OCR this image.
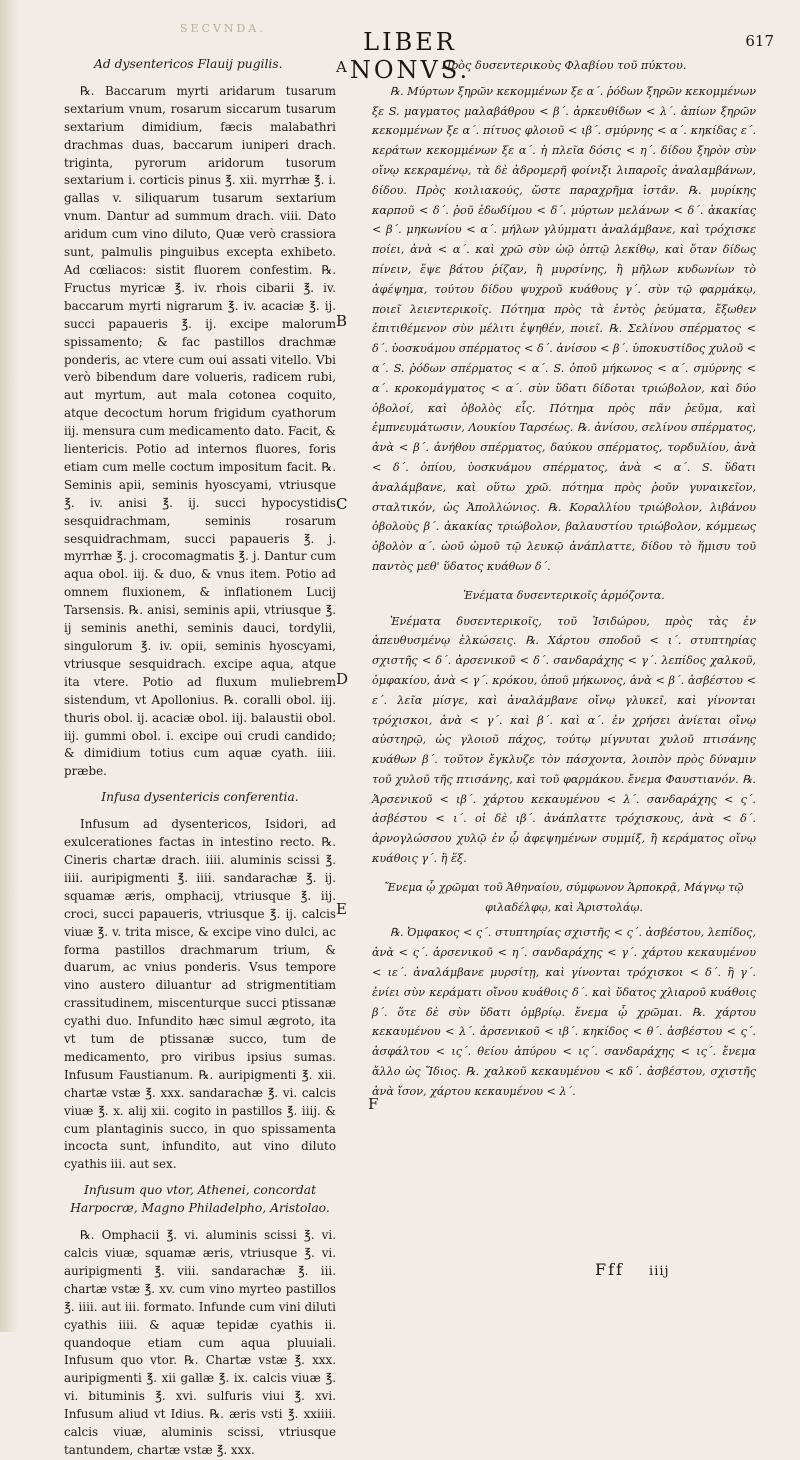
SECVNDA.	LIBER NONVS.
617
Ad dysentericos Flauij pugilis.

℞. Baccarum myrti aridarum tusarum sextarium vnum, rosarum siccarum tusarum sextarium dimidium, fæcis malabathri drachmas duas, baccarum iuniperi drach. triginta, pyrorum aridorum tusorum sextarium i. corticis pinus ℥. xii. myrrhæ ℥. i. gallas v. siliquarum tusarum sextarium vnum. Dantur ad summum drach. viii. Dato aridum cum vino diluto, Quæ verò crassiora sunt, palmulis pinguibus excepta exhibeto. Ad cœliacos: sistit fluorem confestim. ℞. Fructus myricæ ℥. iv. rhois cibarii ℥. iv. baccarum myrti nigrarum ℥. iv. acaciæ ℥. ij. succi papaueris ℥. ij. excipe malorum spissamento; & fac pastillos drachmæ ponderis, ac vtere cum oui assati vitello. Vbi verò bibendum dare volueris, radicem rubi, aut myrtum, aut mala cotonea coquito, atque decoctum horum frigidum cyathorum iij. mensura cum medicamento dato. Facit, & lientericis. Potio ad internos fluores, foris etiam cum melle coctum impositum facit. ℞. Seminis apii, seminis hyoscyami, vtriusque ℥. iv. anisi ℥. ij. succi hypocystidis sesquidrachmam, seminis rosarum sesquidrachmam, succi papaueris ℥. j. myrrhæ ℥. j. crocomagmatis ℥. j. Dantur cum aqua obol. iij. & duo, & vnus item. Potio ad omnem fluxionem, & inflationem Lucij Tarsensis. ℞. anisi, seminis apii, vtriusque ℥. ij seminis anethi, seminis dauci, tordylii, singulorum ℥. iv. opii, seminis hyoscyami, vtriusque sesquidrach. excipe aqua, atque ita vtere. Potio ad fluxum muliebrem sistendum, vt Apollonius. ℞. coralli obol. iij. thuris obol. ij. acaciæ obol. iij. balaustii obol. iij. gummi obol. i. excipe oui crudi candido; & dimidium totius cum aquæ cyath. iiii. præbe.

Infusa dysentericis conferentia.

Infusum ad dysentericos, Isidori, ad exulcerationes factas in intestino recto. ℞. Cineris chartæ drach. iiii. aluminis scissi ℥. iiii. auripigmenti ℥. iiii. sandarachæ ℥. ij. squamæ æris, omphacij, vtriusque ℥. iij. croci, succi papaueris, vtriusque ℥. ij. calcis viuæ ℥. v. trita misce, & excipe vino dulci, ac forma pastillos drachmarum trium, & duarum, ac vnius ponderis. Vsus tempore vino austero diluantur ad strigmentitiam crassitudinem, miscenturque succi ptissanæ cyathi duo. Infundito hæc simul ægroto, ita vt tum de ptissanæ succo, tum de medicamento, pro viribus ipsius sumas. Infusum Faustianum. ℞. auripigmenti ℥. xii. chartæ vstæ ℥. xxx. sandarachæ ℥. vi. calcis viuæ ℥. x. alij xii. cogito in pastillos ℥. iiij. & cum plantaginis succo, in quo spissamenta incocta sunt, infundito, aut vino diluto cyathis iii. aut sex.

Infusum quo vtor, Athenei, concordat Harpocræ, Magno Philadelpho, Aristolao.

℞. Omphacii ℥. vi. aluminis scissi ℥. vi. calcis viuæ, squamæ æris, vtriusque ℥. vi. auripigmenti ℥. viii. sandarachæ ℥. iii. chartæ vstæ ℥. xv. cum vino myrteo pastillos ℥. iiii. aut iii. formato. Infunde cum vini diluti cyathis iiii. & aquæ tepidæ cyathis ii. quandoque etiam cum aqua pluuiali. Infusum quo vtor. ℞. Chartæ vstæ ℥. xxx. auripigmenti ℥. xii gallæ ℥. ix. calcis viuæ ℥. vi. bituminis ℥. xvi. sulfuris viui ℥. xvi. Infusum aliud vt Idius. ℞. æris vsti ℥. xxiiii. calcis viuæ, aluminis scissi, vtriusque tantundem, chartæ vstæ ℥. xxx.

A
B
C
D
E
F
Πρὸς δυσεντερικοὺς Φλαβίου τοῦ πύκτου.

℞. Μύρτων ξηρῶν κεκομμένων ξε α΄. ῥόδων ξηρῶν κεκομμένων ξε S. μαγματος μαλαβάθρου < β΄. ἀρκευθίδων < λ΄. ἀπίων ξηρῶν κεκομμένων ξε α΄. πίτυος φλοιοῦ < ιβ΄. σμύρνης < α΄. κηκίδας ε΄. κεράτων κεκομμένων ξε α΄. ἡ πλεῖα δόσις < η΄. δίδου ξηρὸν σὺν οἴνῳ κεκραμένῳ, τὰ δὲ ἁδρομερῆ φοίνιξι λιπαροῖς ἀναλαμβάνων, δίδου. Πρὸς κοιλιακούς, ὥστε παραχρῆμα ἱστᾶν. ℞. μυρίκης καρποῦ < δ΄. ῥοῦ ἐδωδίμου < δ΄. μύρτων μελάνων < δ΄. ἀκακίας < β΄. μηκωνίου < α΄. μήλων γλύμματι ἀναλάμβανε, καὶ τρόχισκε ποίει, ἀνὰ < α΄. καὶ χρῶ σὺν ὠῷ ὀπτῷ λεκίθῳ, καὶ ὅταν δίδως πίνειν, ἕψε βάτου ῥίζαν, ἢ μυρσίνης, ἢ μῆλων κυδωνίων τὸ ἀφέψημα, τούτου δίδου ψυχροῦ κυάθους γ΄. σὺν τῷ φαρμάκῳ, ποιεῖ λειεντερικοῖς. Πότημα πρὸς τὰ ἐντὸς ῥεύματα, ἔξωθεν ἐπιτιθέμενον σὺν μέλιτι ἑψηθέν, ποιεῖ. ℞. Σελίνου σπέρματος < δ΄. ὑοσκυάμου σπέρματος < δ΄. ἀνίσου < β΄. ὑποκυστίδος χυλοῦ < α΄. S. ῥόδων σπέρματος < α΄. S. ὀποῦ μήκωνος < α΄. σμύρνης < α΄. κροκομάγματος < α΄. σὺν ὕδατι δίδοται τριώβολον, καὶ δύο ὀβολοί, καὶ ὀβολὸς εἷς. Πότημα πρὸς πᾶν ῥεῦμα, καὶ ἐμπνευμάτωσιν, Λουκίου Ταρσέως. ℞. ἀνίσου, σελίνου σπέρματος, ἀνὰ < β΄. ἀνήθου σπέρματος, δαύκου σπέρματος, τορδυλίου, ἀνὰ < δ΄. ὀπίου, ὑοσκυάμου σπέρματος, ἀνὰ < α΄. S. ὕδατι ἀναλάμβανε, καὶ οὕτω χρῶ. πότημα πρὸς ῥοῦν γυναικεῖον, σταλτικόν, ὡς Ἀπολλώνιος. ℞. Κοραλλίου τριώβολον, λιβάνου ὀβολοὺς β΄. ἀκακίας τριώβολον, βαλαυστίου τριώβολον, κόμμεως ὀβολὸν α΄. ὠοῦ ὠμοῦ τῷ λευκῷ ἀνάπλαττε, δίδου τὸ ἥμισυ τοῦ παντὸς μεθ' ὕδατος κυάθων δ΄.

Ἐνέματα δυσεντερικοῖς ἁρμόζοντα.

Ἐνέματα δυσεντερικοῖς, τοῦ Ἰσιδώρου, πρὸς τὰς ἐν ἀπευθυσμένῳ ἑλκώσεις. ℞. Χάρτου σποδοῦ < ι΄. στυπτηρίας σχιστῆς < δ΄. ἀρσενικοῦ < δ΄. σανδαράχης < γ΄. λεπίδος χαλκοῦ, ὀμφακίου, ἀνὰ < γ΄. κρόκου, ὀποῦ μήκωνος, ἀνὰ < β΄. ἀσβέστου < ε΄. λεῖα μίσγε, καὶ ἀναλάμβανε οἴνῳ γλυκεῖ, καὶ γίνονται τρόχισκοι, ἀνὰ < γ΄. καὶ β΄. καὶ α΄. ἐν χρήσει ἀνίεται οἴνῳ αὐστηρῷ, ὡς γλοιοῦ πάχος, τούτῳ μίγνυται χυλοῦ πτισάνης κυάθων β΄. τοῦτον ἔγκλυζε τὸν πάσχοντα, λοιπὸν πρὸς δύναμιν τοῦ χυλοῦ τῆς πτισάνης, καὶ τοῦ φαρμάκου. ἔνεμα Φαυστιανόν. ℞. Ἀρσενικοῦ < ιβ΄. χάρτου κεκαυμένου < λ΄. σανδαράχης < ς΄. ἀσβέστου < ι΄. οἱ δὲ ιβ΄. ἀνάπλαττε τρόχισκους, ἀνὰ < δ΄. ἀρνογλώσσου χυλῷ ἐν ᾧ ἀφεψημένων συμμίξ, ἢ κεράματος οἴνῳ κυάθοις γ΄. ἢ ἕξ.

Ἔνεμα ᾧ χρῶμαι τοῦ Ἀθηναίου, σύμφωνον Ἁρποκρᾷ, Μάγνῳ τῷ φιλαδέλφῳ, καὶ Ἀριστολάῳ.

℞. Ὀμφακος < ς΄. στυπτηρίας σχιστῆς < ς΄. ἀσβέστου, λεπίδος, ἀνὰ < ς΄. ἀρσενικοῦ < η΄. σανδαράχης < γ΄. χάρτου κεκαυμένου < ιε΄. ἀναλάμβανε μυρσίτῃ, καὶ γίνονται τρόχισκοι < δ΄. ἢ γ΄. ἐνίει σὺν κεράματι οἴνου κυάθοις δ΄. καὶ ὕδατος χλιαροῦ κυάθοις β΄. ὅτε δὲ σὺν ὕδατι ὀμβρίῳ. ἔνεμα ᾧ χρῶμαι. ℞. χάρτου κεκαυμένου < λ΄. ἀρσενικοῦ < ιβ΄. κηκίδος < θ΄. ἀσβέστου < ς΄. ἀσφάλτου < ις΄. θείου ἀπύρου < ις΄. σανδαράχης < ις΄. ἔνεμα ἄλλο ὡς Ἴδιος. ℞. χαλκοῦ κεκαυμένου < κδ΄. ἀσβέστου, σχιστῆς ἀνὰ ἴσον, χάρτου κεκαυμένου < λ΄.

Fff iiij
